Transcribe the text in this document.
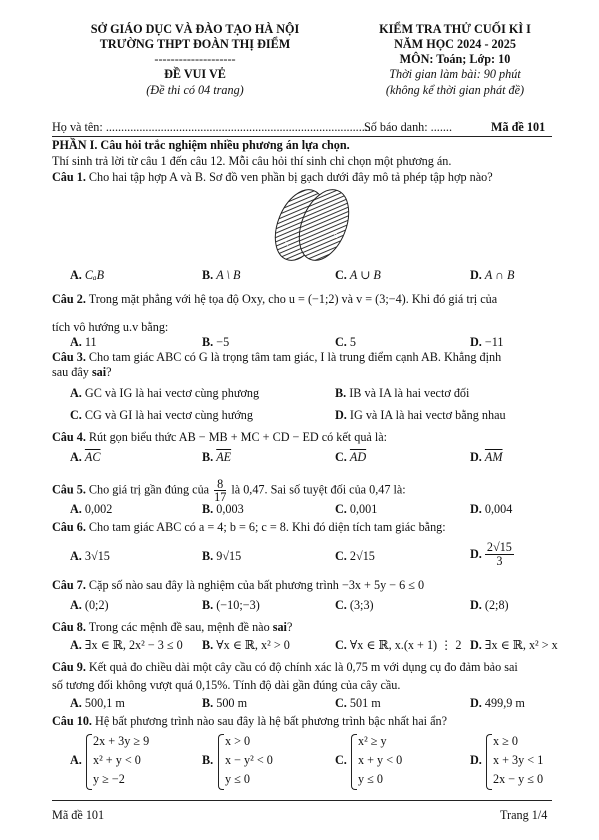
SỞ GIÁO DỤC VÀ ĐÀO TẠO HÀ NỘI
TRƯỜNG THPT ĐOÀN THỊ ĐIỂM
--------------------
ĐỀ VUI VẺ
(Đề thi có 04 trang)
KIỂM TRA THỬ CUỐI KÌ I
NĂM HỌC 2024 - 2025
MÔN: Toán; Lớp: 10
Thời gian làm bài: 90 phút
(không kể thời gian phát đề)
Họ và tên: .......................................................................................
Số báo danh: .......	Mã đề 101
PHẦN I. Câu hỏi trắc nghiệm nhiều phương án lựa chọn.
Thí sinh trả lời từ câu 1 đến câu 12. Mỗi câu hỏi thí sinh chỉ chọn một phương án.
Câu 1. Cho hai tập hợp A và B. Sơ đồ ven phần bị gạch dưới đây mô tả phép tập hợp nào?
A
B
A. CₐB	B. A \ B	C. A ∪ B	D. A ∩ B
Câu 2. Trong mặt phẳng với hệ tọa độ Oxy, cho u = (−1;2) và v = (3;−4). Khi đó giá trị của
tích vô hướng u.v bằng:
A. 11	B. −5	C. 5	D. −11
Câu 3. Cho tam giác ABC có G là trọng tâm tam giác, I là trung điểm cạnh AB. Khẳng định
sau đây sai?
A. GC và IG là hai vectơ cùng phương	B. IB và IA là hai vectơ đối
C. CG và GI là hai vectơ cùng hướng	D. IG và IA là hai vectơ bằng nhau
Câu 4. Rút gọn biểu thức AB − MB + MC + CD − ED có kết quả là:
A. $\overline{AC}$	B. $\overline{AE}$	C. $\overline{AD}$	D. $\overline{AM}$
Câu 5. Cho giá trị gần đúng của $\frac{8}{17}$ là 0,47. Sai số tuyệt đối của 0,47 là:
A. 0,002	B. 0,003	C. 0,001	D. 0,004
Câu 6. Cho tam giác ABC có a = 4; b = 6; c = 8. Khi đó diện tích tam giác bằng:
A. 3√15	B. 9√15	C. 2√15	D. $\frac{2√15}{3}$
Câu 7. Cặp số nào sau đây là nghiệm của bất phương trình −3x + 5y − 6 ≤ 0
A. (0;2)	B. (−10;−3)	C. (3;3)	D. (2;8)
Câu 8. Trong các mệnh đề sau, mệnh đề nào sai?
A. ∃x ∈ ℝ, 2x² − 3 ≤ 0 B. ∀x ∈ ℝ, x² > 0	C. ∀x ∈ ℝ, x.(x + 1) ⋮ 2 D. ∃x ∈ ℝ, x² > x
Câu 9. Kết quả đo chiều dài một cây cầu có độ chính xác là 0,75 m với dụng cụ đo đảm bảo sai
số tương đối không vượt quá 0,15%. Tính độ dài gần đúng của cây cầu.
A. 500,1 m	B. 500 m	C. 501 m	D. 499,9 m
Câu 10. Hệ bất phương trình nào sau đây là hệ bất phương trình bậc nhất hai ẩn?
A.
2x + 3y ≥ 9
x² + y < 0
y ≥ −2
B.
x > 0
x − y² < 0
y ≤ 0
C.
x² ≥ y
x + y < 0
y ≤ 0
D.
x ≥ 0
x + 3y < 1
2x − y ≤ 0
Mã đề 101	Trang 1/4
